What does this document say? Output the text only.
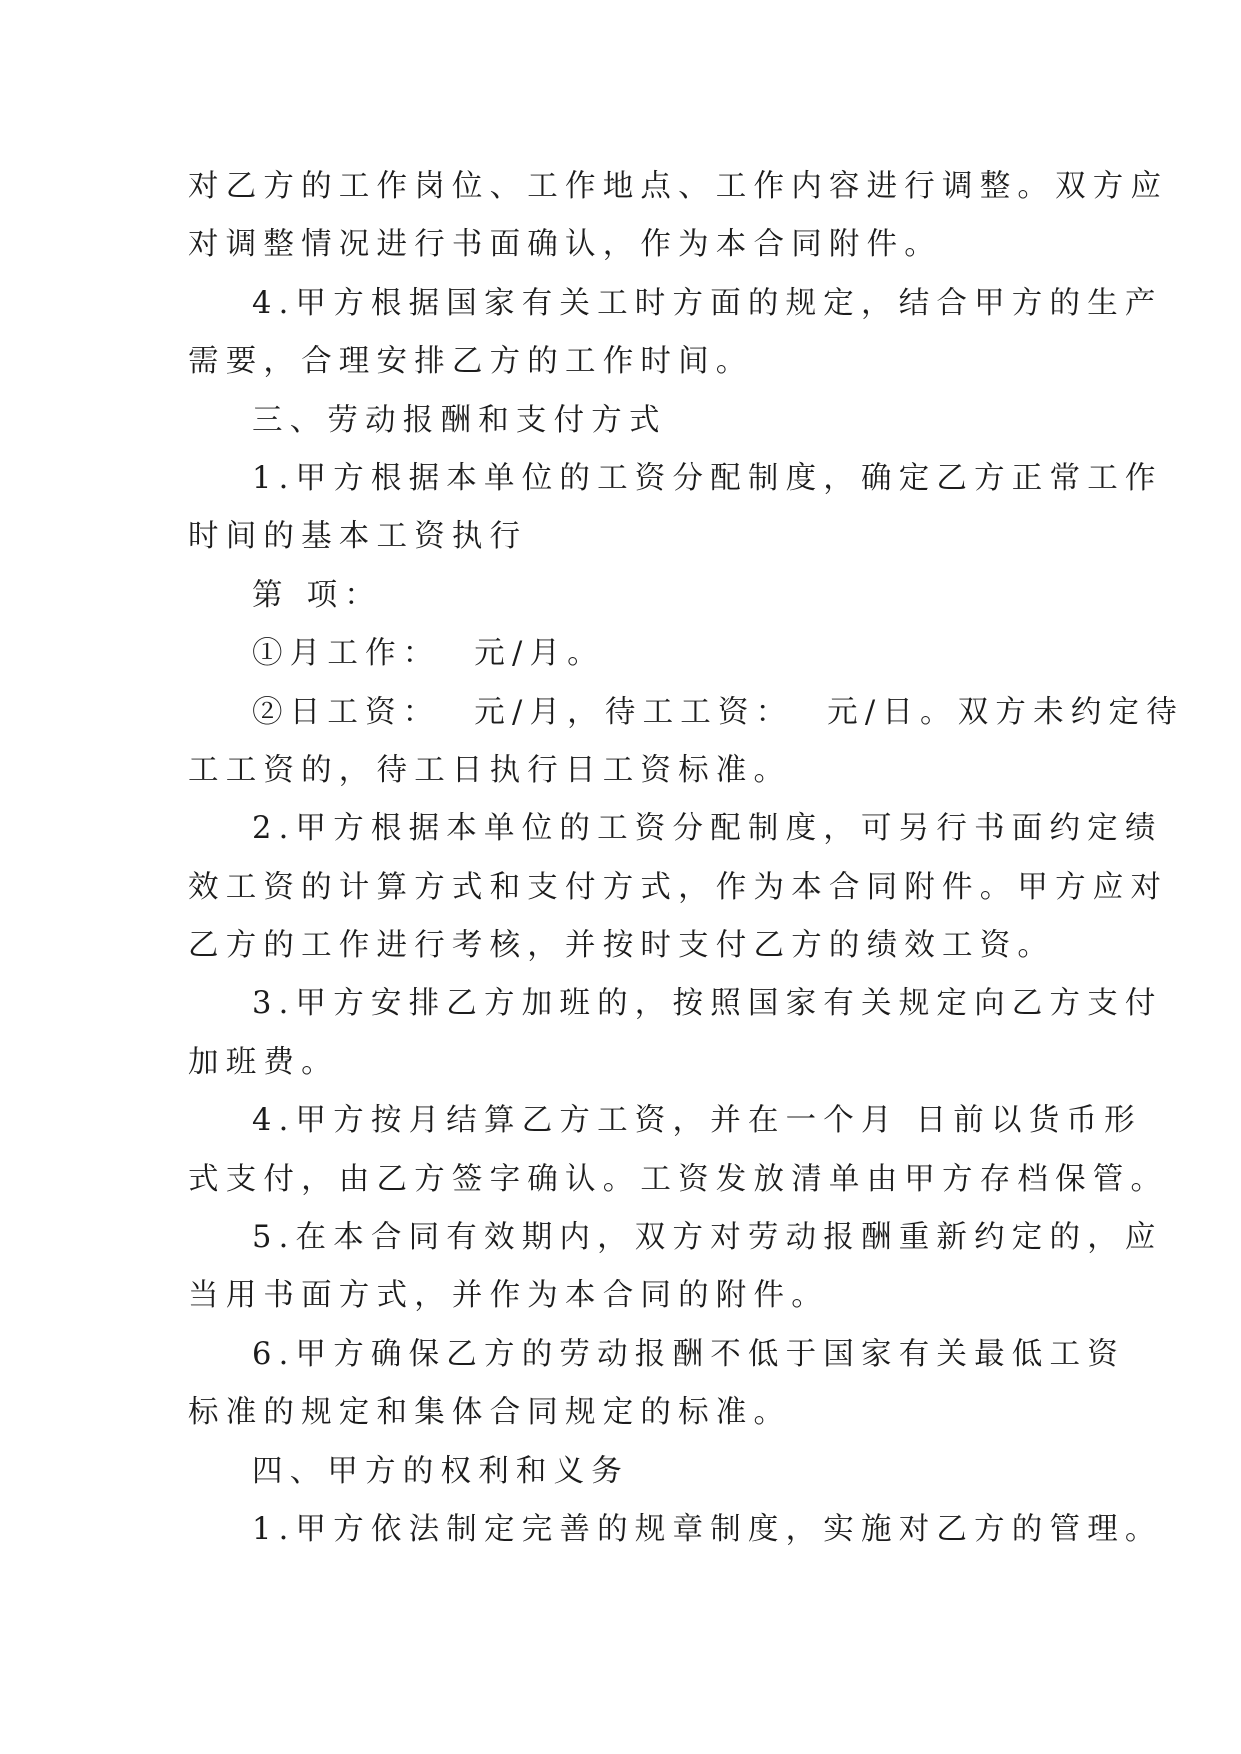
对乙方的工作岗位、工作地点、工作内容进行调整。双方应
对调整情况进行书面确认，作为本合同附件。
4.甲方根据国家有关工时方面的规定，结合甲方的生产
需要，合理安排乙方的工作时间。
三、劳动报酬和支付方式
1.甲方根据本单位的工资分配制度，确定乙方正常工作
时间的基本工资执行
第 项：
①月工作：  元/月。
②日工资：  元/月，待工工资：  元/日。双方未约定待
工工资的，待工日执行日工资标准。
2.甲方根据本单位的工资分配制度，可另行书面约定绩
效工资的计算方式和支付方式，作为本合同附件。甲方应对
乙方的工作进行考核，并按时支付乙方的绩效工资。
3.甲方安排乙方加班的，按照国家有关规定向乙方支付
加班费。
4.甲方按月结算乙方工资，并在一个月 日前以货币形
式支付，由乙方签字确认。工资发放清单由甲方存档保管。
5.在本合同有效期内，双方对劳动报酬重新约定的，应
当用书面方式，并作为本合同的附件。
6.甲方确保乙方的劳动报酬不低于国家有关最低工资
标准的规定和集体合同规定的标准。
四、甲方的权利和义务
1.甲方依法制定完善的规章制度，实施对乙方的管理。
